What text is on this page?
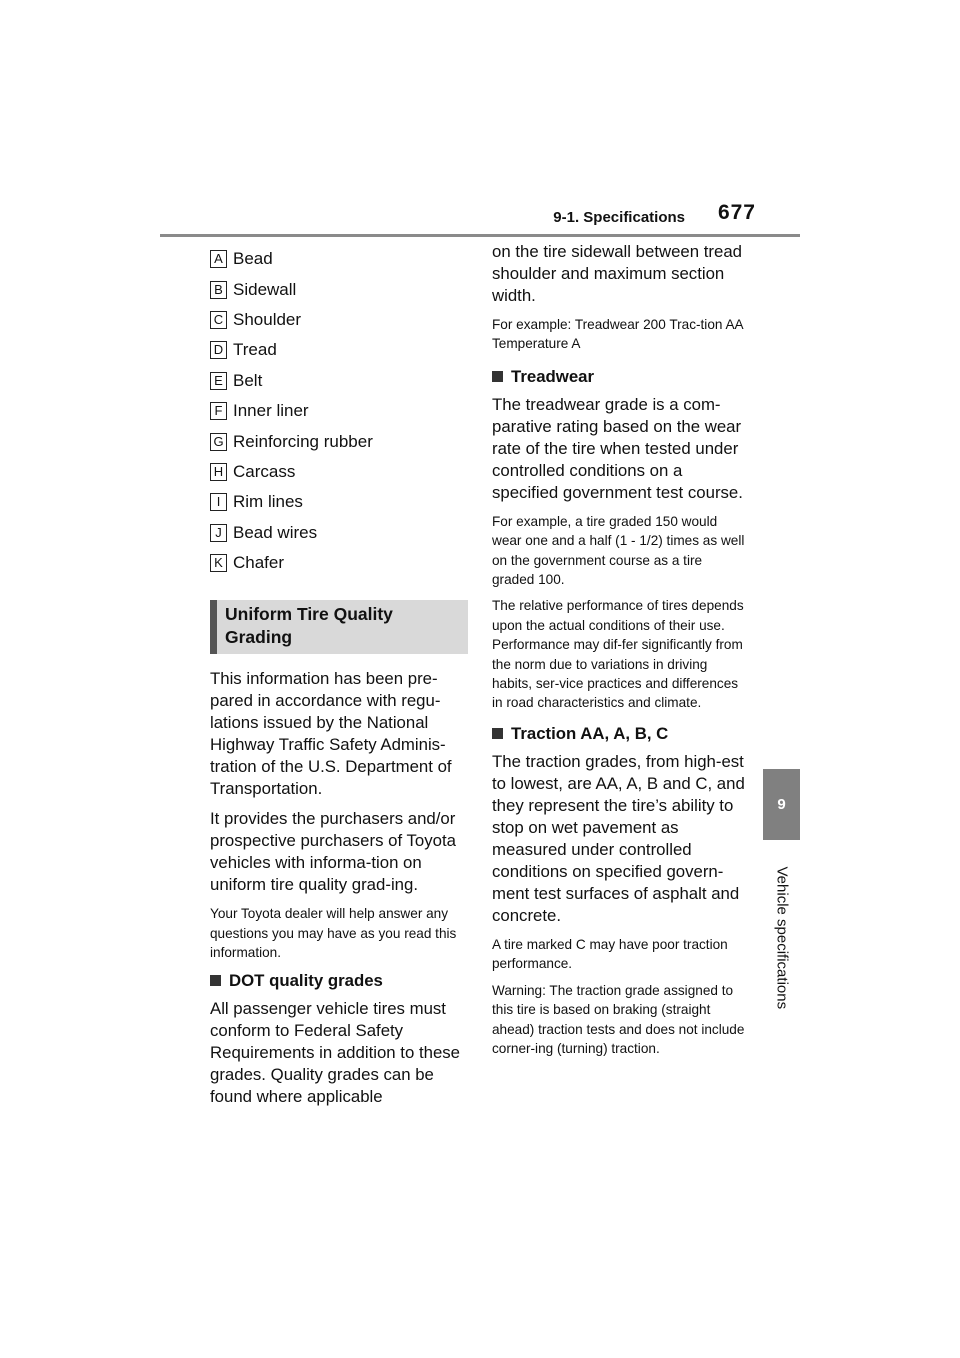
9-1. Specifications 677
9
Vehicle specifications
A Bead
B Sidewall
C Shoulder
D Tread
E Belt
F Inner liner
G Reinforcing rubber
H Carcass
I Rim lines
J Bead wires
K Chafer
Uniform Tire Quality Grading

This information has been pre-pared in accordance with regu-lations issued by the National Highway Traffic Safety Adminis-tration of the U.S. Department of Transportation.

It provides the purchasers and/or prospective purchasers of Toyota vehicles with informa-tion on uniform tire quality grad-ing.

Your Toyota dealer will help answer any questions you may have as you read this information.

DOT quality grades

All passenger vehicle tires must conform to Federal Safety Requirements in addition to these grades. Quality grades can be found where applicable

on the tire sidewall between tread shoulder and maximum section width.

For example: Treadwear 200 Trac-tion AA Temperature A

Treadwear

The treadwear grade is a com-parative rating based on the wear rate of the tire when tested under controlled conditions on a specified government test course.

For example, a tire graded 150 would wear one and a half (1 - 1/2) times as well on the government course as a tire graded 100.

The relative performance of tires depends upon the actual conditions of their use. Performance may dif-fer significantly from the norm due to variations in driving habits, ser-vice practices and differences in road characteristics and climate.

Traction AA, A, B, C

The traction grades, from high-est to lowest, are AA, A, B and C, and they represent the tire’s ability to stop on wet pavement as measured under controlled conditions on specified govern-ment test surfaces of asphalt and concrete.

A tire marked C may have poor traction performance.

Warning: The traction grade assigned to this tire is based on braking (straight ahead) traction tests and does not include corner-ing (turning) traction.
